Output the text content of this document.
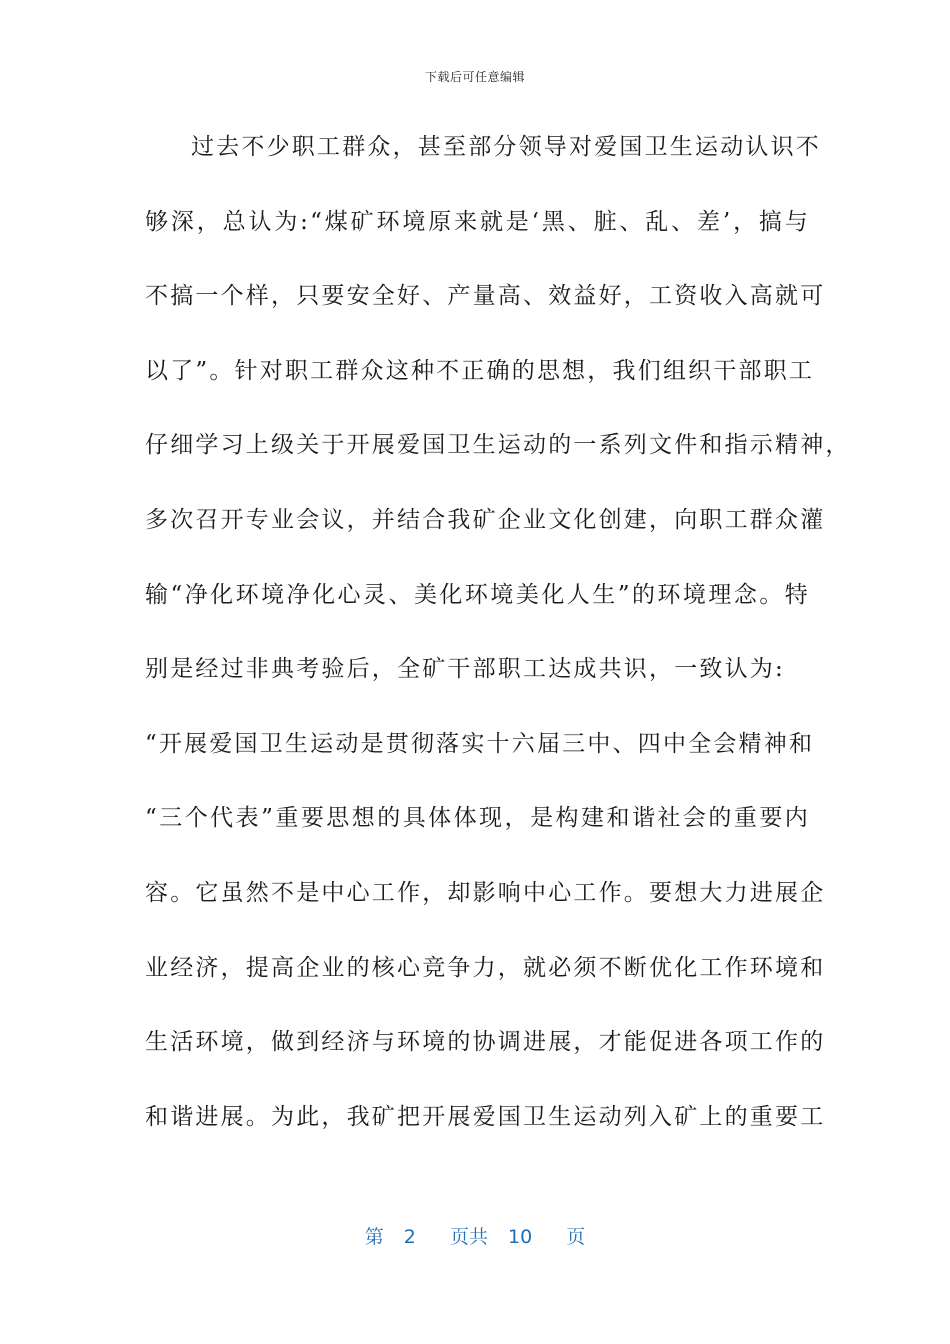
下载后可任意编辑
过去不少职工群众，甚至部分领导对爱国卫生运动认识不
够深，总认为:“煤矿环境原来就是‘黑、脏、乱、差’，搞与
不搞一个样，只要安全好、产量高、效益好，工资收入高就可
以了”。针对职工群众这种不正确的思想，我们组织干部职工
仔细学习上级关于开展爱国卫生运动的一系列文件和指示精神，
多次召开专业会议，并结合我矿企业文化创建，向职工群众灌
输“净化环境净化心灵、美化环境美化人生”的环境理念。特
别是经过非典考验后，全矿干部职工达成共识，一致认为:
“开展爱国卫生运动是贯彻落实十六届三中、四中全会精神和
“三个代表”重要思想的具体体现，是构建和谐社会的重要内
容。它虽然不是中心工作，却影响中心工作。要想大力进展企
业经济，提高企业的核心竞争力，就必须不断优化工作环境和
生活环境，做到经济与环境的协调进展，才能促进各项工作的
和谐进展。为此，我矿把开展爱国卫生运动列入矿上的重要工
第 2 页共 10 页
